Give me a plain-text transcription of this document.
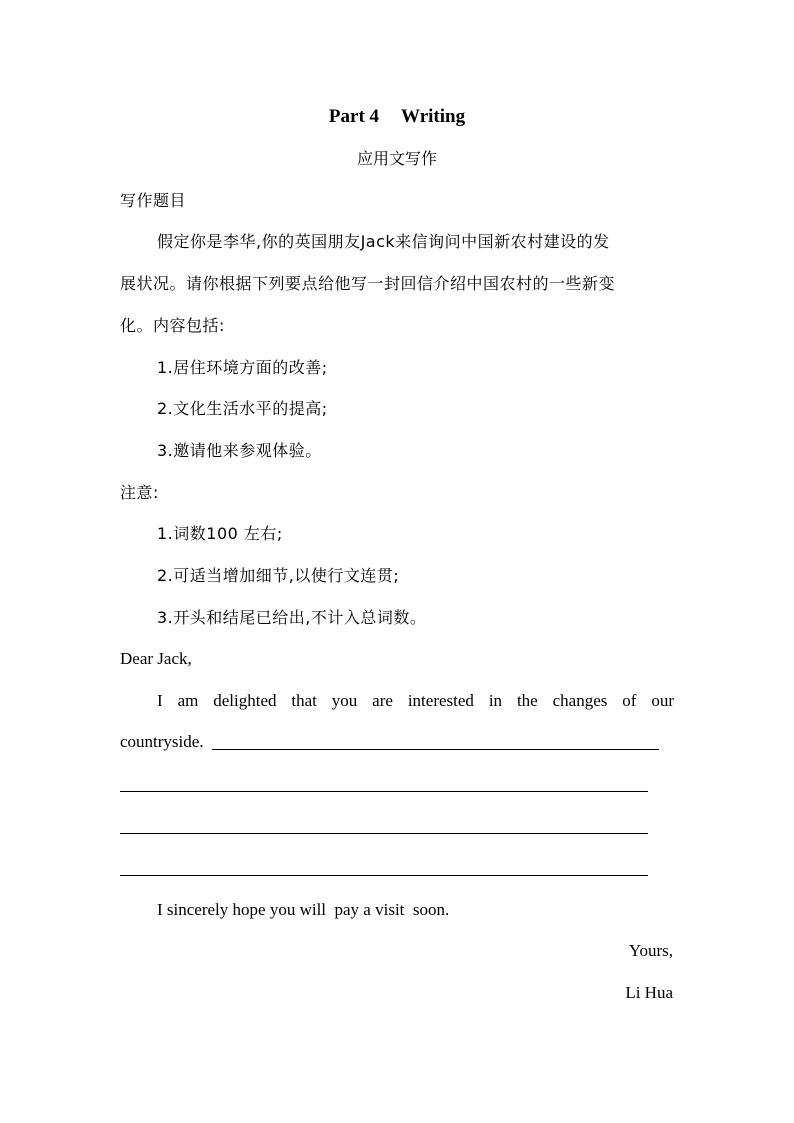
Part 4 Writing
应用文写作
写作题目
假定你是李华,你的英国朋友Jack来信询问中国新农村建设的发
展状况。请你根据下列要点给他写一封回信介绍中国农村的一些新变
化。内容包括:
1.居住环境方面的改善;
2.文化生活水平的提高;
3.邀请他来参观体验。
注意:
1.词数100 左右;
2.可适当增加细节,以使行文连贯;
3.开头和结尾已给出,不计入总词数。
Dear Jack,
I am delighted that you are interested in the changes of our
countryside.
I sincerely hope you will  pay a visit  soon.
Yours,
Li Hua
